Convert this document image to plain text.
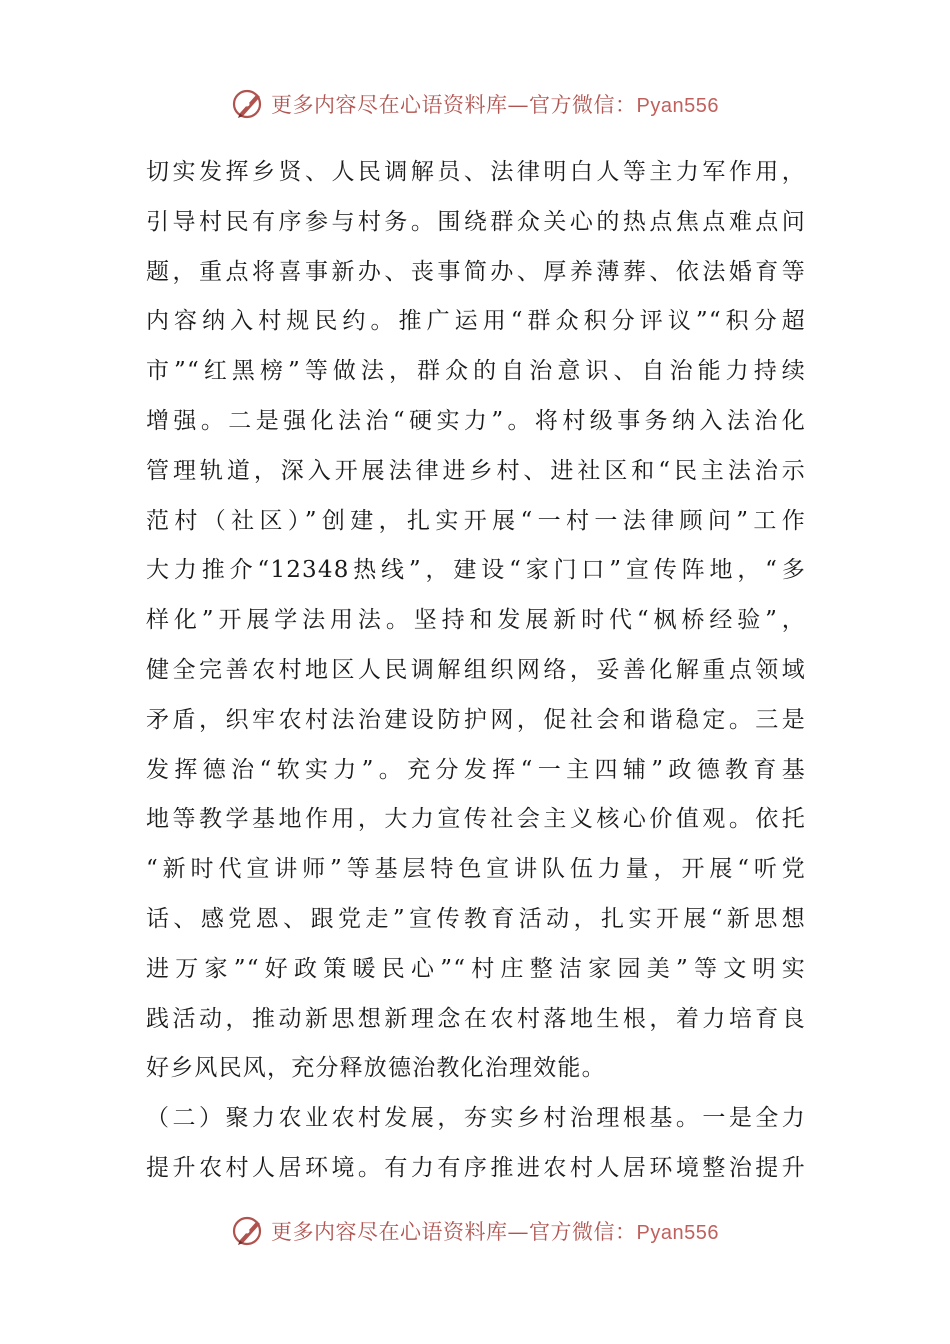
更多内容尽在心语资料库—官方微信：Pyan556
切实发挥乡贤、人民调解员、法律明白人等主力军作用，
引导村民有序参与村务。围绕群众关心的热点焦点难点问
题，重点将喜事新办、丧事简办、厚养薄葬、依法婚育等
内容纳入村规民约。推广运用“群众积分评议”“积分超
市”“红黑榜”等做法，群众的自治意识、自治能力持续
增强。二是强化法治“硬实力”。将村级事务纳入法治化
管理轨道，深入开展法律进乡村、进社区和“民主法治示
范村（社区）”创建，扎实开展“一村一法律顾问”工作
大力推介“12348热线”，建设“家门口”宣传阵地，“多
样化”开展学法用法。坚持和发展新时代“枫桥经验”，
健全完善农村地区人民调解组织网络，妥善化解重点领域
矛盾，织牢农村法治建设防护网，促社会和谐稳定。三是
发挥德治“软实力”。充分发挥“一主四辅”政德教育基
地等教学基地作用，大力宣传社会主义核心价值观。依托
“新时代宣讲师”等基层特色宣讲队伍力量，开展“听党
话、感党恩、跟党走”宣传教育活动，扎实开展“新思想
进万家”“好政策暖民心”“村庄整洁家园美”等文明实
践活动，推动新思想新理念在农村落地生根，着力培育良
好乡风民风，充分释放德治教化治理效能。
（二）聚力农业农村发展，夯实乡村治理根基。一是全力
提升农村人居环境。有力有序推进农村人居环境整治提升
更多内容尽在心语资料库—官方微信：Pyan556
